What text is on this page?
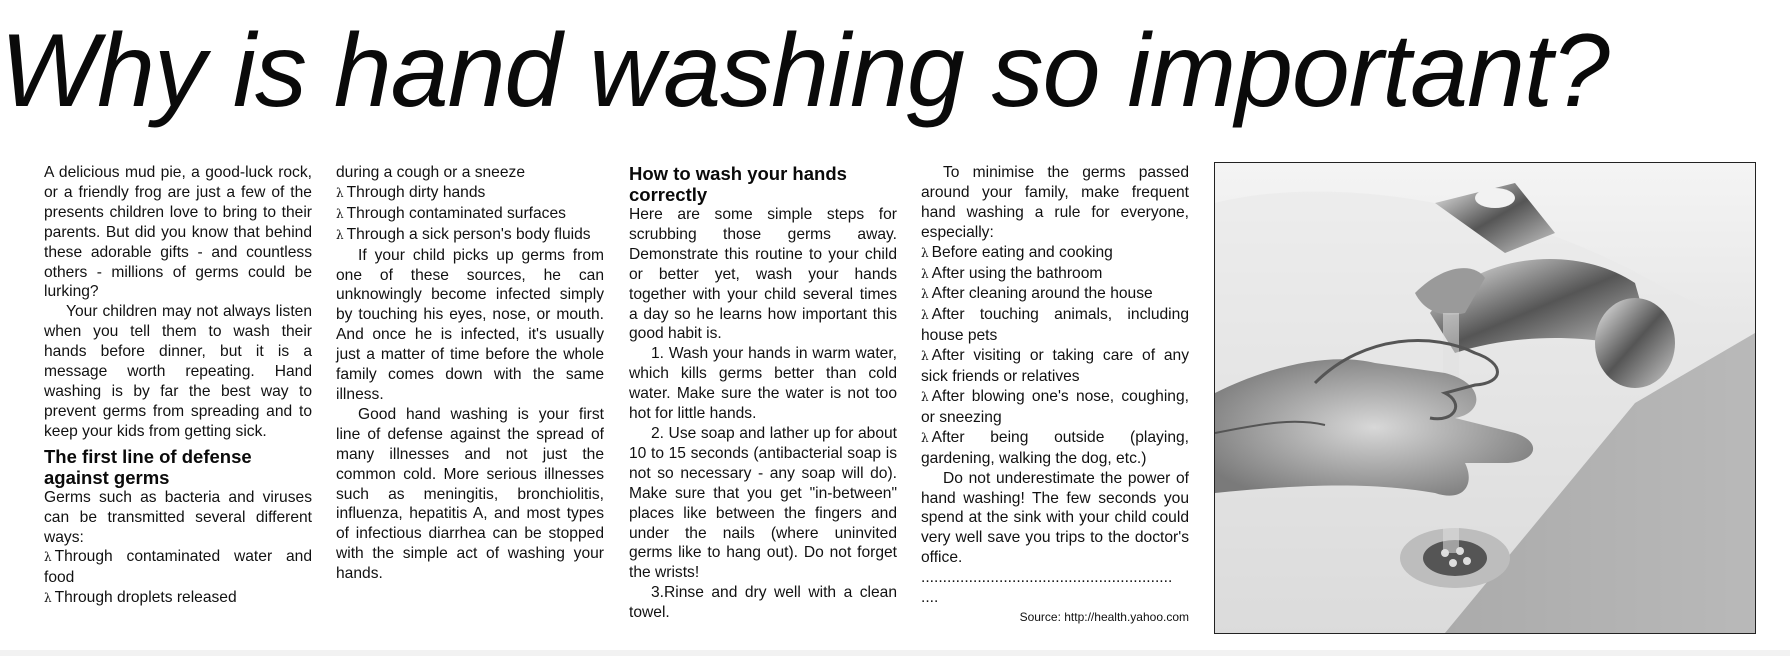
Why is hand washing so important?

A delicious mud pie, a good-luck rock, or a friendly frog are just a few of the presents children love to bring to their parents. But did you know that behind these adorable gifts - and countless others - millions of germs could be lurking?

Your children may not always listen when you tell them to wash their hands before dinner, but it is a message worth repeating. Hand washing is by far the best way to prevent germs from spreading and to keep your kids from getting sick.

The first line of defense against germs

Germs such as bacteria and viruses can be transmitted several different ways:

λ Through contaminated water and food

λ Through droplets released

during a cough or a sneeze

λ Through dirty hands

λ Through contaminated surfaces

λ Through a sick person's body fluids

If your child picks up germs from one of these sources, he can unknowingly become infected simply by touching his eyes, nose, or mouth. And once he is infected, it's usually just a matter of time before the whole family comes down with the same illness.

Good hand washing is your first line of defense against the spread of many illnesses and not just the common cold. More serious illnesses such as meningitis, bronchiolitis, influenza, hepatitis A, and most types of infectious diarrhea can be stopped with the simple act of washing your hands.

How to wash your hands correctly

Here are some simple steps for scrubbing those germs away. Demonstrate this routine to your child or better yet, wash your hands together with your child several times a day so he learns how important this good habit is.

1. Wash your hands in warm water, which kills germs better than cold water. Make sure the water is not too hot for little hands.

2. Use soap and lather up for about 10 to 15 seconds (antibacterial soap is not so necessary - any soap will do). Make sure that you get "in-between" places like between the fingers and under the nails (where uninvited germs like to hang out). Do not forget the wrists!

3.Rinse and dry well with a clean towel.

To minimise the germs passed around your family, make frequent hand washing a rule for everyone, especially:

λ Before eating and cooking

λ After using the bathroom

λ After cleaning around the house

λ After touching animals, including house pets

λ After visiting or taking care of any sick friends or relatives

λ After blowing one's nose, coughing, or sneezing

λ After being outside (playing, gardening, walking the dog, etc.)

Do not underestimate the power of hand washing! The few seconds you spend at the sink with your child could very well save you trips to the doctor's office.

..........................................................

....

Source: http://health.yahoo.com
